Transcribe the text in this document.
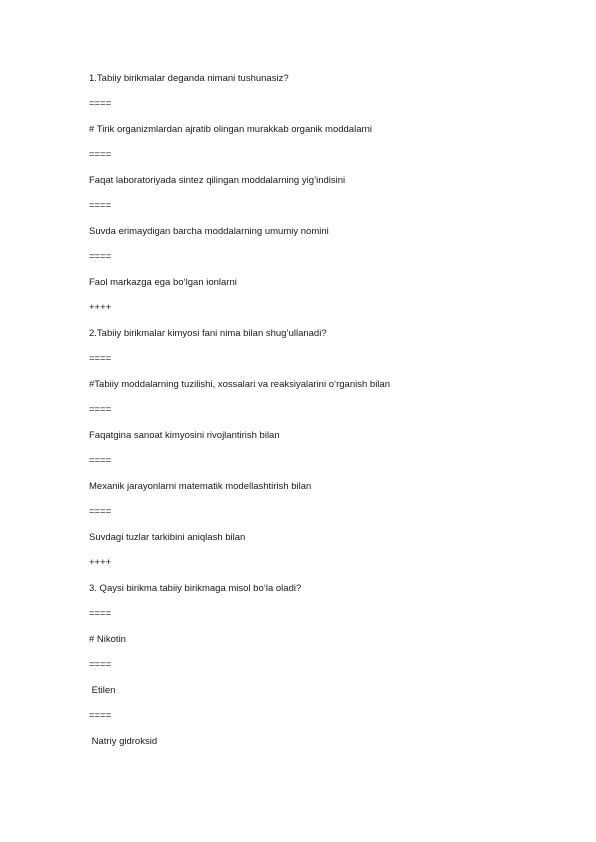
1.Tabiiy birikmalar deganda nimani tushunasiz?
====
# Tirik organizmlardan ajratib olingan murakkab organik moddalarni
====
Faqat laboratoriyada sintez qilingan moddalarning yig’indisini
====
Suvda erimaydigan barcha moddalarning umumiy nomini
====
Faol markazga ega bo‘lgan ionlarni
++++
2.Tabiiy birikmalar kimyosi fani nima bilan shug’ullanadi?
====
#Tabiiy moddalarning tuzilishi, xossalari va reaksiyalarini o‘rganish bilan
====
Faqatgina sanoat kimyosini rivojlantirish bilan
====
Mexanik jarayonlarni matematik modellashtirish bilan
====
Suvdagi tuzlar tarkibini aniqlash bilan
++++
3. Qaysi birikma tabiiy birikmaga misol bo‘la oladi?
====
# Nikotin
====
Etilen
====
Natriy gidroksid
